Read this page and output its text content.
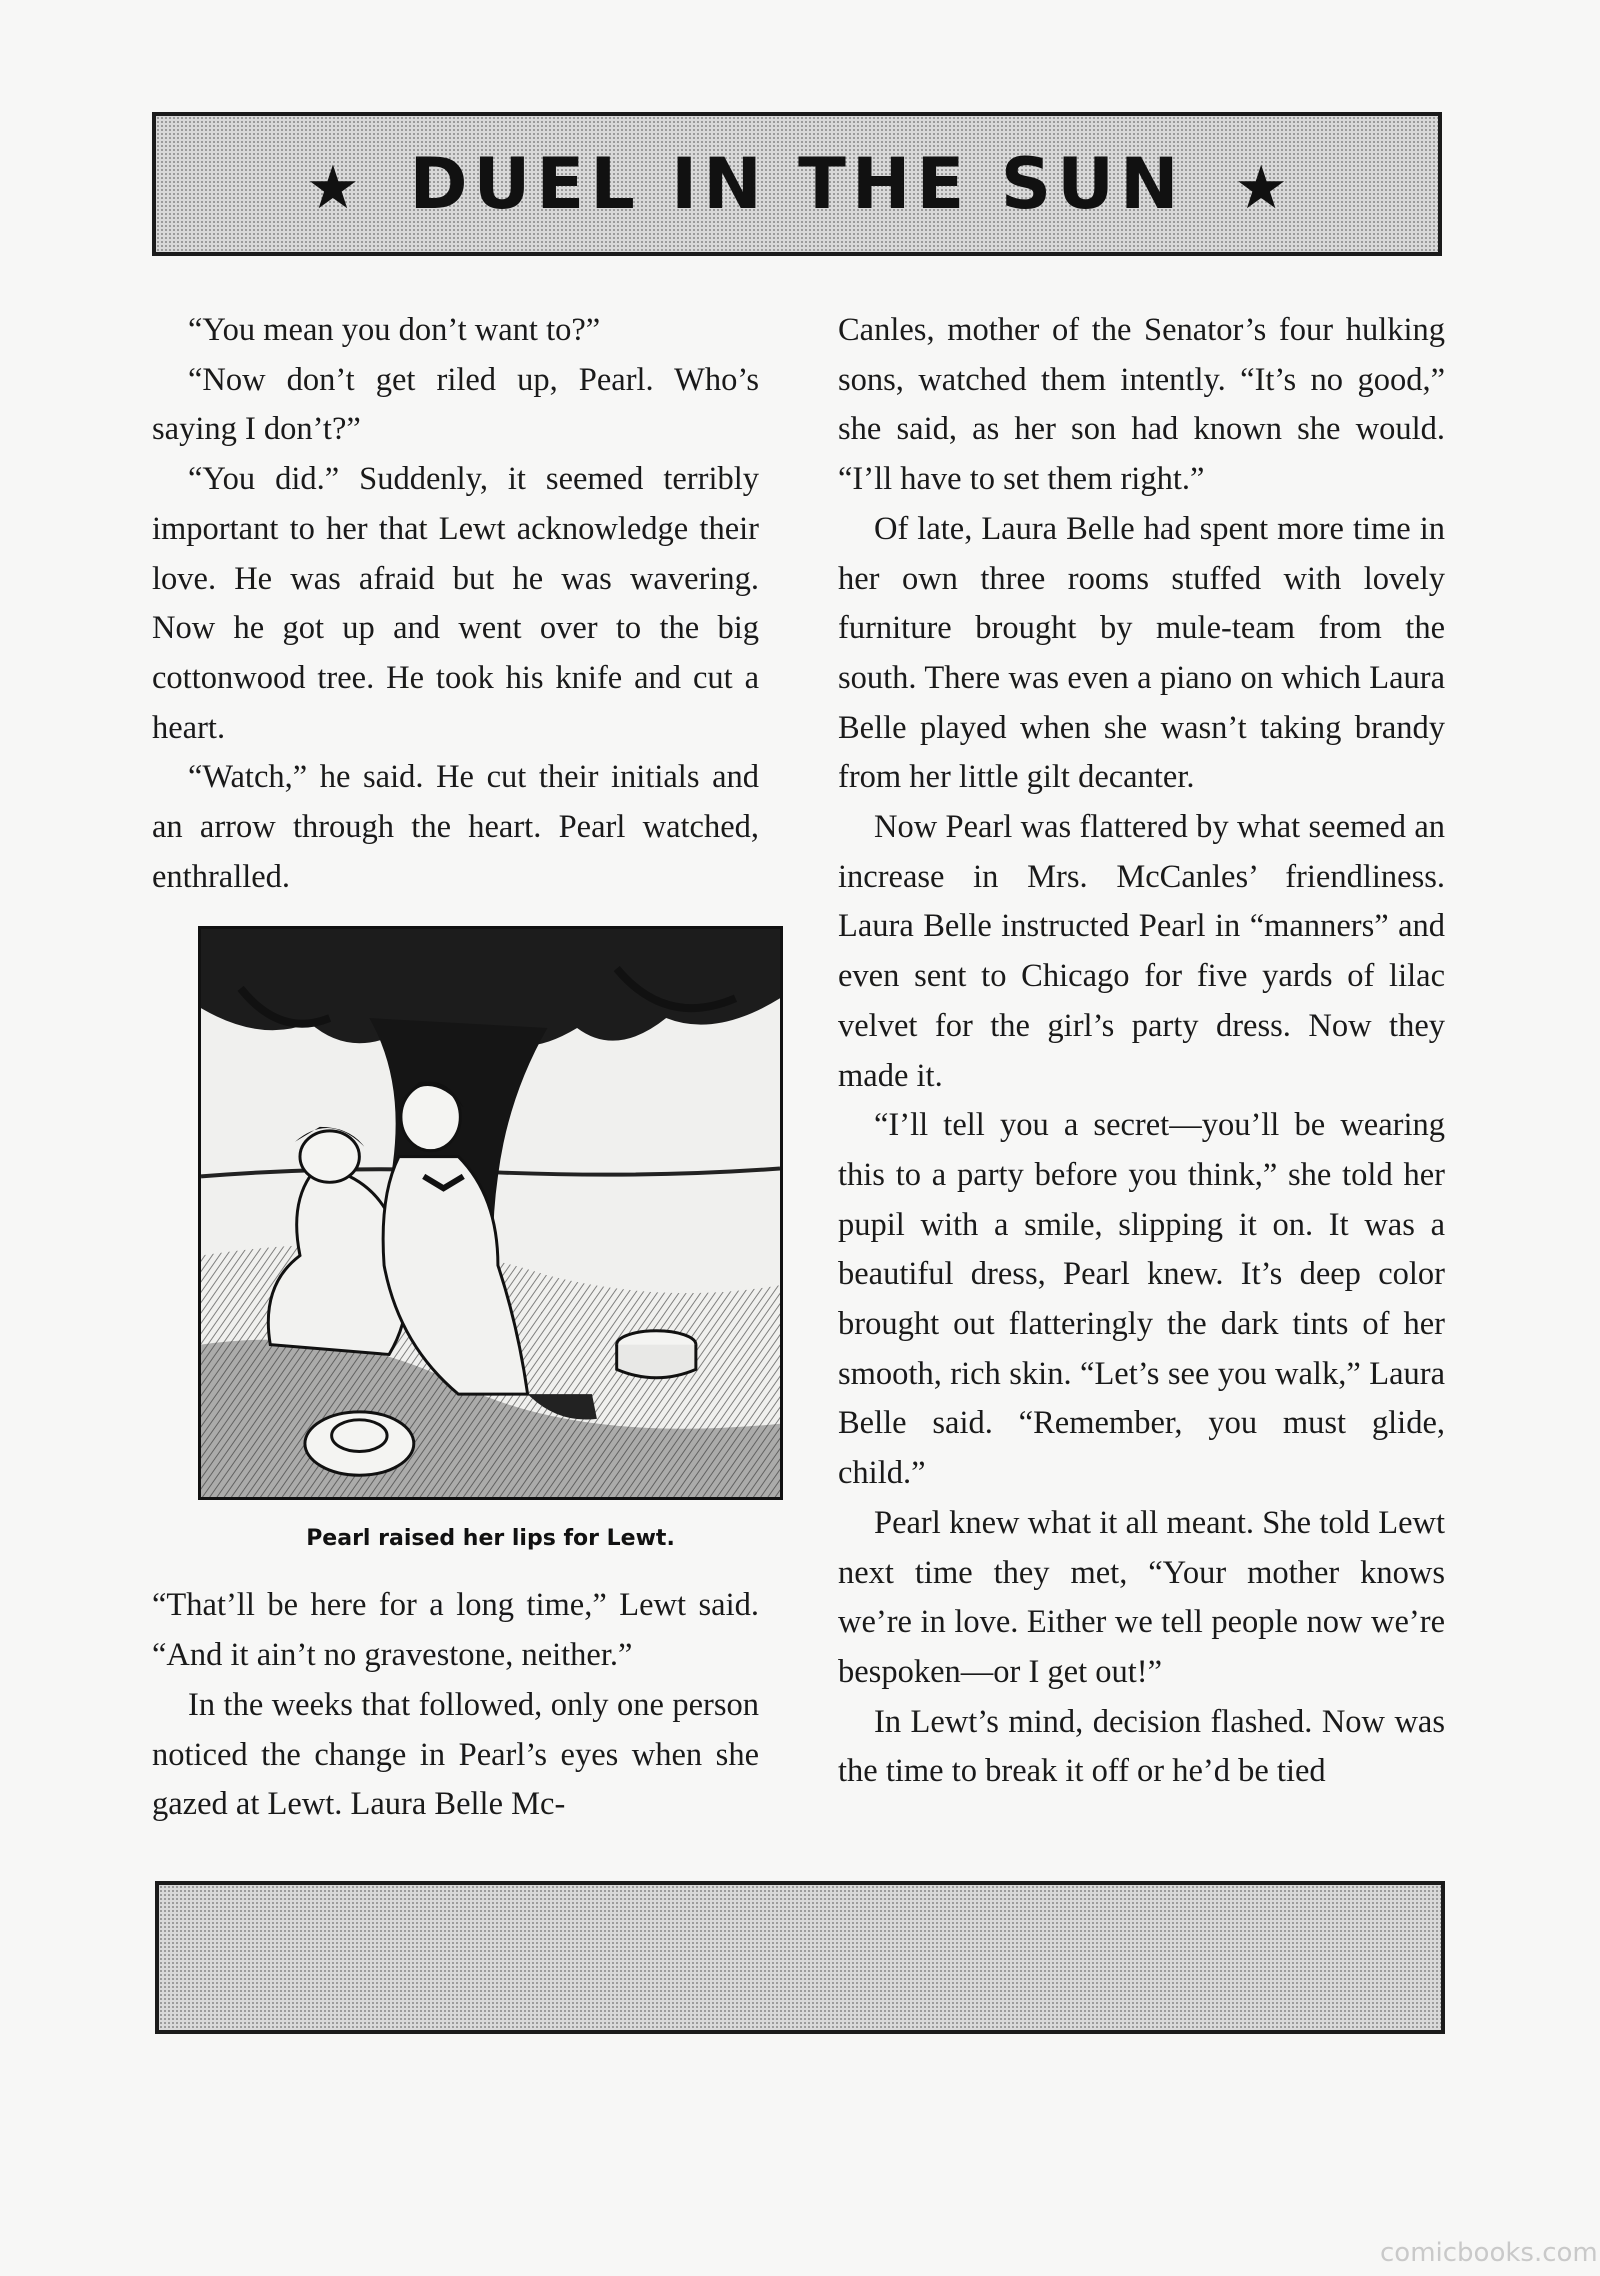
★ DUEL IN THE SUN ★

“You mean you don’t want to?”

“Now don’t get riled up, Pearl. Who’s saying I don’t?”

“You did.” Suddenly, it seemed terribly important to her that Lewt acknowledge their love. He was afraid but he was wavering. Now he got up and went over to the big cottonwood tree. He took his knife and cut a heart.

“Watch,” he said. He cut their initials and an arrow through the heart. Pearl watched, enthralled.

Pearl raised her lips for Lewt.

“That’ll be here for a long time,” Lewt said. “And it ain’t no gravestone, neither.”

In the weeks that followed, only one person noticed the change in Pearl’s eyes when she gazed at Lewt. Laura Belle Mc-

Canles, mother of the Senator’s four hulking sons, watched them intently. “It’s no good,” she said, as her son had known she would. “I’ll have to set them right.”

Of late, Laura Belle had spent more time in her own three rooms stuffed with lovely furniture brought by mule-team from the south. There was even a piano on which Laura Belle played when she wasn’t taking brandy from her little gilt decanter.

Now Pearl was flattered by what seemed an increase in Mrs. McCanles’ friendliness. Laura Belle instructed Pearl in “manners” and even sent to Chicago for five yards of lilac velvet for the girl’s party dress. Now they made it.

“I’ll tell you a secret—you’ll be wearing this to a party before you think,” she told her pupil with a smile, slipping it on. It was a beautiful dress, Pearl knew. It’s deep color brought out flatteringly the dark tints of her smooth, rich skin. “Let’s see you walk,” Laura Belle said. “Remember, you must glide, child.”

Pearl knew what it all meant. She told Lewt next time they met, “Your mother knows we’re in love. Either we tell people now we’re bespoken—or I get out!”

In Lewt’s mind, decision flashed. Now was the time to break it off or he’d be tied

comicbooks.com
